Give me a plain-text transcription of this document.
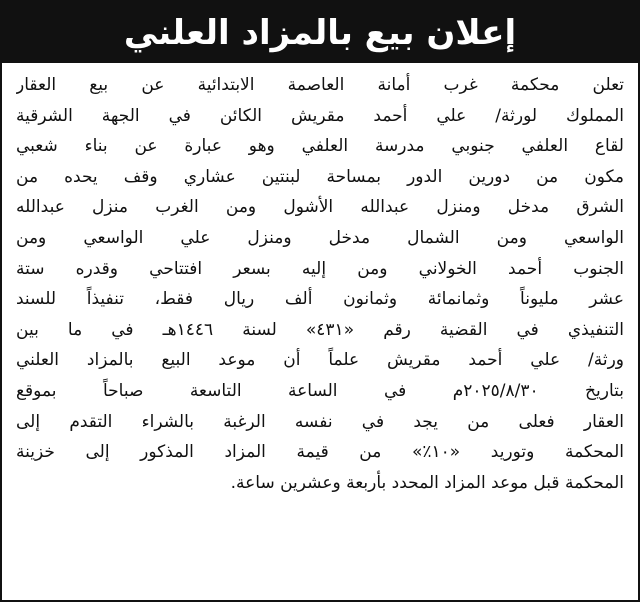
إعلان بيع بالمزاد العلني
تعلن محكمة غرب أمانة العاصمة الابتدائية عن بيع العقار
المملوك لورثة/ علي أحمد مقريش الكائن في الجهة الشرقية
لقاع العلفي جنوبي مدرسة العلفي وهو عبارة عن بناء شعبي
مكون من دورين الدور بمساحة لبنتين عشاري وقف يحده من
الشرق مدخل ومنزل عبدالله الأشول ومن الغرب منزل عبدالله
الواسعي ومن الشمال مدخل ومنزل علي الواسعي ومن
الجنوب أحمد الخولاني ومن إليه بسعر افتتاحي وقدره ستة
عشر مليوناً وثمانمائة وثمانون ألف ريال فقط، تنفيذاً للسند
التنفيذي في القضية رقم «٤٣١» لسنة ١٤٤٦هـ في ما بين
ورثة/ علي أحمد مقريش علماً أن موعد البيع بالمزاد العلني
بتاريخ ٢٠٢٥/٨/٣٠م في الساعة التاسعة صباحاً بموقع
العقار فعلى من يجد في نفسه الرغبة بالشراء التقدم إلى
المحكمة وتوريد «١٠٪» من قيمة المزاد المذكور إلى خزينة
المحكمة قبل موعد المزاد المحدد بأربعة وعشرين ساعة.
